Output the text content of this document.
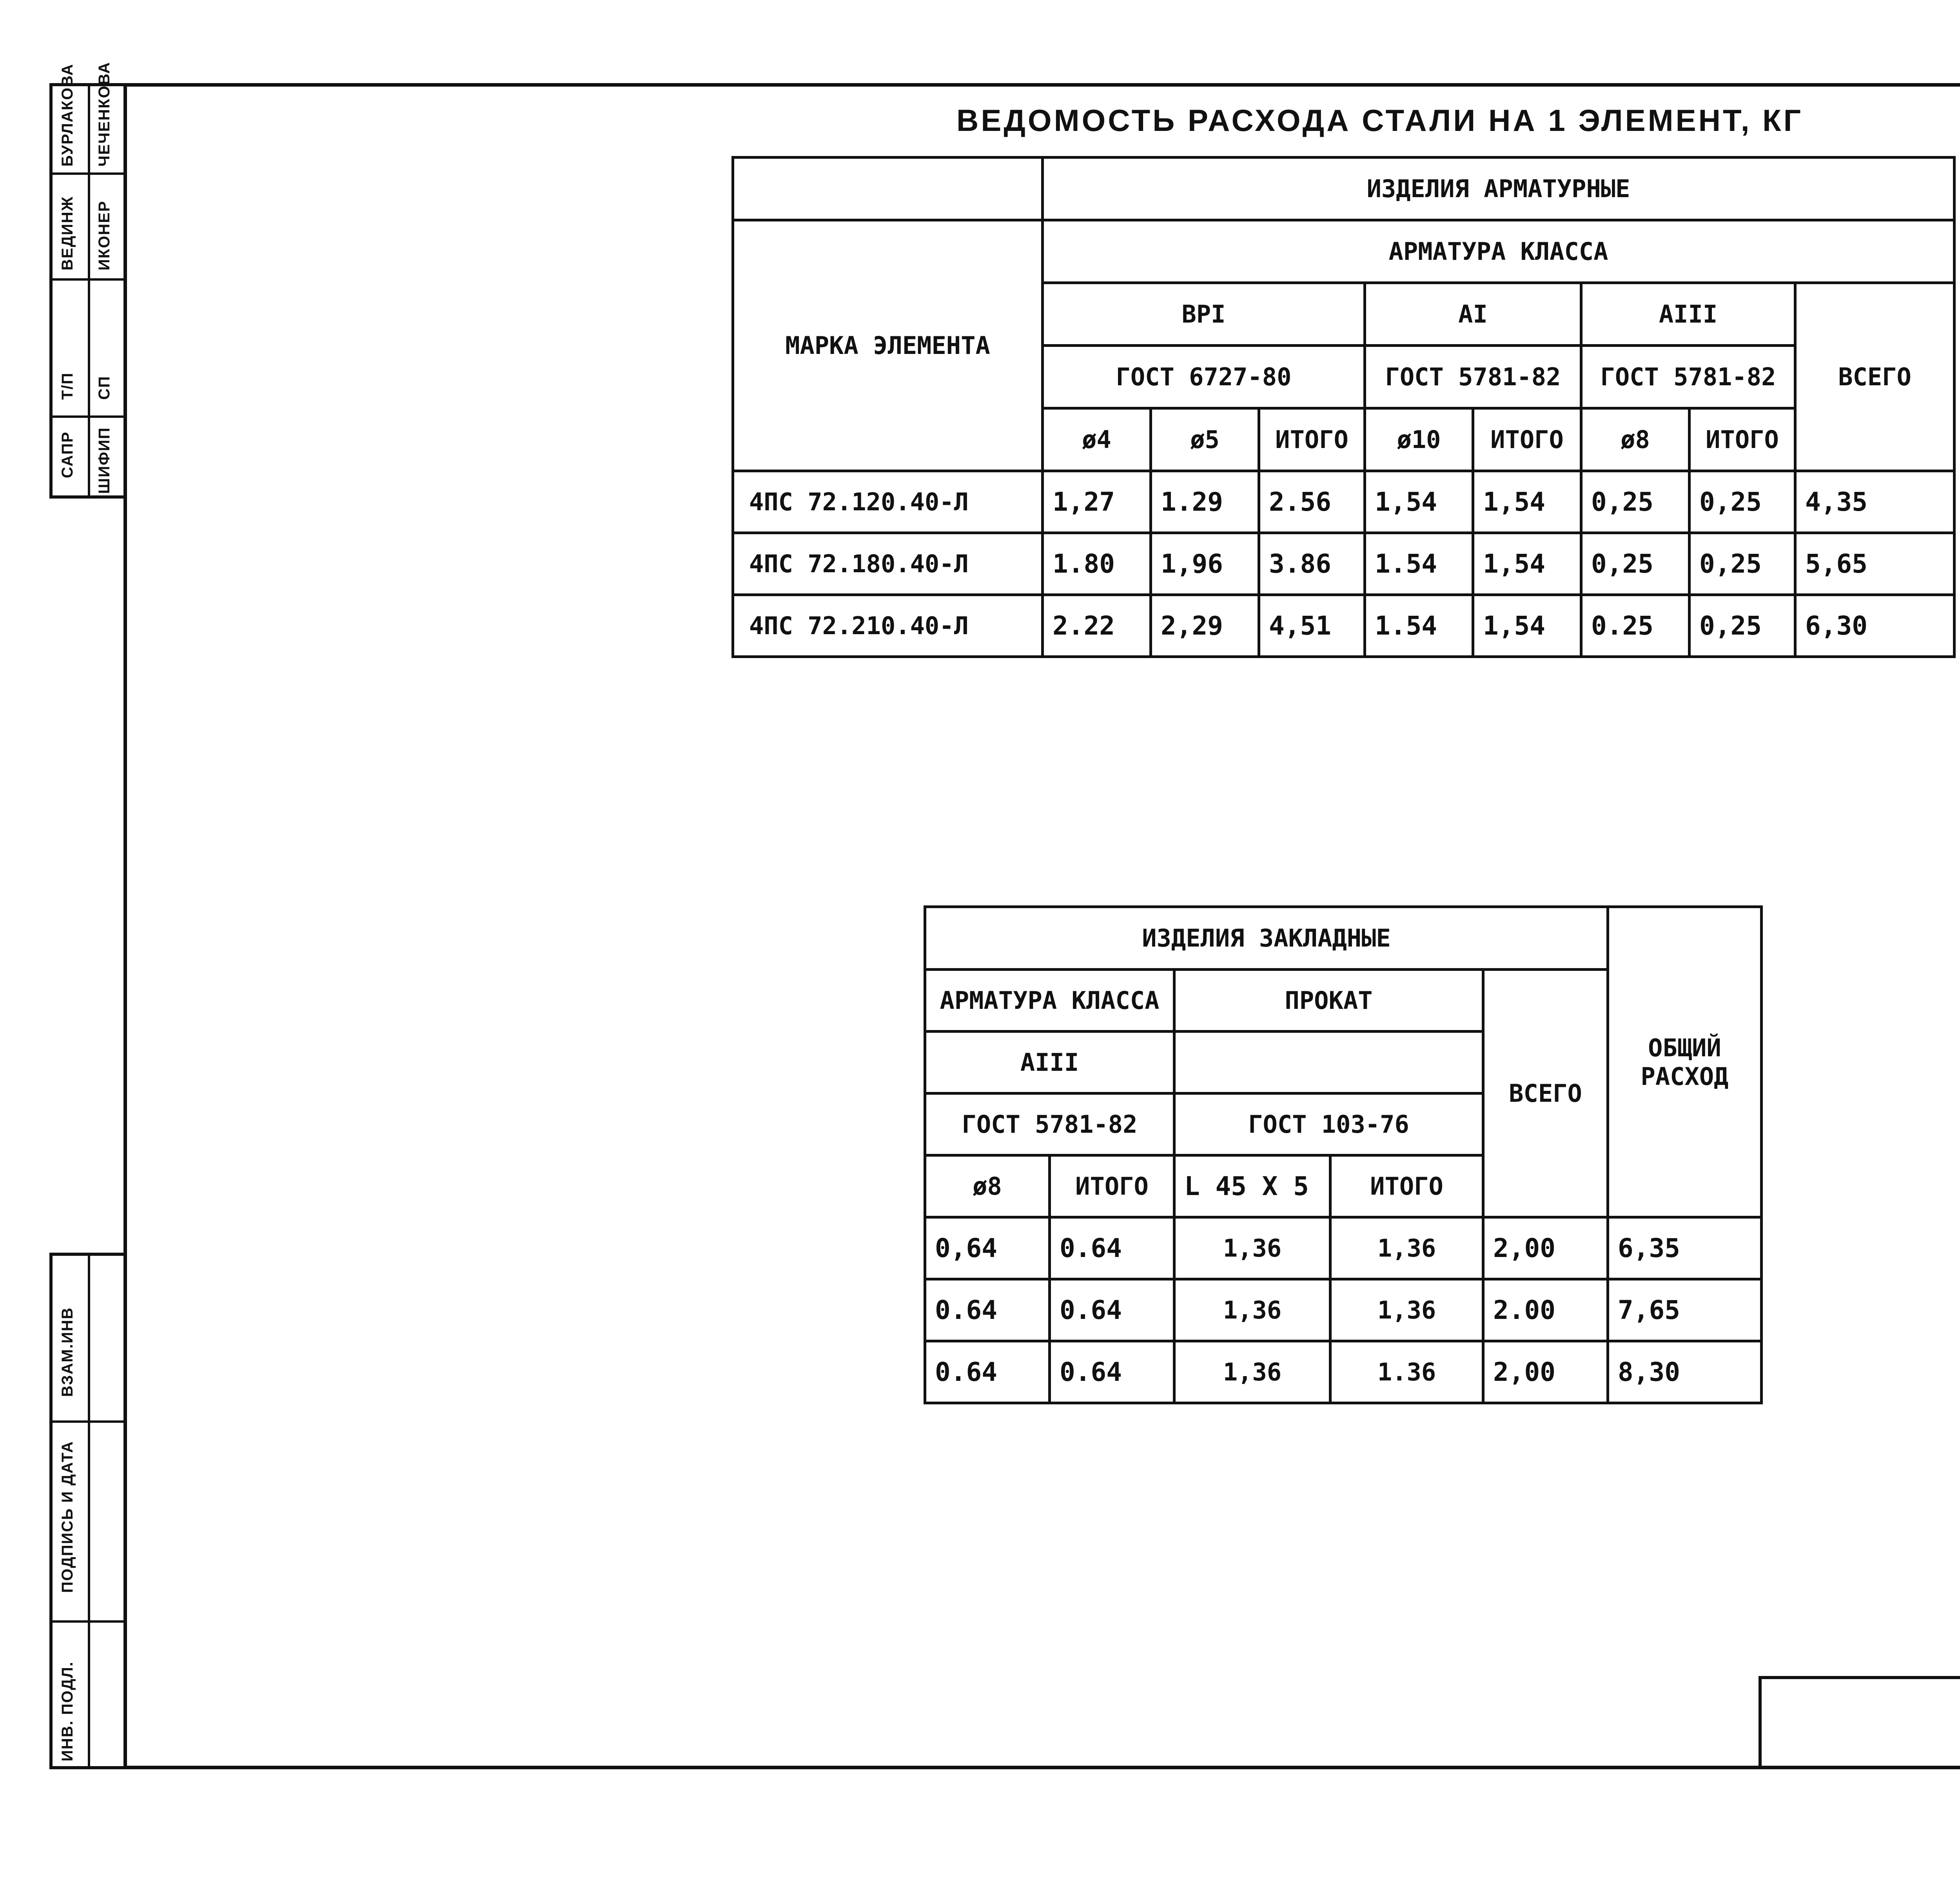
САПР
Т/П
ВЕДИНЖ
БУРЛАКОВА
ШИФИП
СП
ИКОНЕР
ЧЕЧЕНКОВА
ВЗАМ.ИНВ
ПОДПИСЬ И ДАТА
ИНВ. ПОДЛ.
ВЕДОМОСТЬ РАСХОДА СТАЛИ НА 1 ЭЛЕМЕНТ, КГ
	ИЗДЕЛИЯ АРМАТУРНЫЕ							
МАРКА ЭЛЕМЕНТА	АРМАТУРА КЛАССА							
	BPI			AI		AIII		ВСЕГО
	ГОСТ 6727-80			ГОСТ 5781-82		ГОСТ 5781-82		
	ø4	ø5	ИТОГО	ø10	ИТОГО	ø8	ИТОГО	
4ПС 72.120.40-Л	1,27	1.29	2.56	1,54	1,54	0,25	0,25	4,35
4ПС 72.180.40-Л	1.80	1,96	3.86	1.54	1,54	0,25	0,25	5,65
4ПС 72.210.40-Л	2.22	2,29	4,51	1.54	1,54	0.25	0,25	6,30
ИЗДЕЛИЯ ЗАКЛАДНЫЕ					ОБЩИЙ
РАСХОД
АРМАТУРА КЛАССА		ПРОКАТ		ВСЕГО	
AIII					
ГОСТ 5781-82		ГОСТ 103-76			
ø8	ИТОГО	L 45 X 5	ИТОГО		
0,64	0.64	1,36	1,36	2,00	6,35
0.64	0.64	1,36	1,36	2.00	7,65
0.64	0.64	1,36	1.36	2,00	8,30
